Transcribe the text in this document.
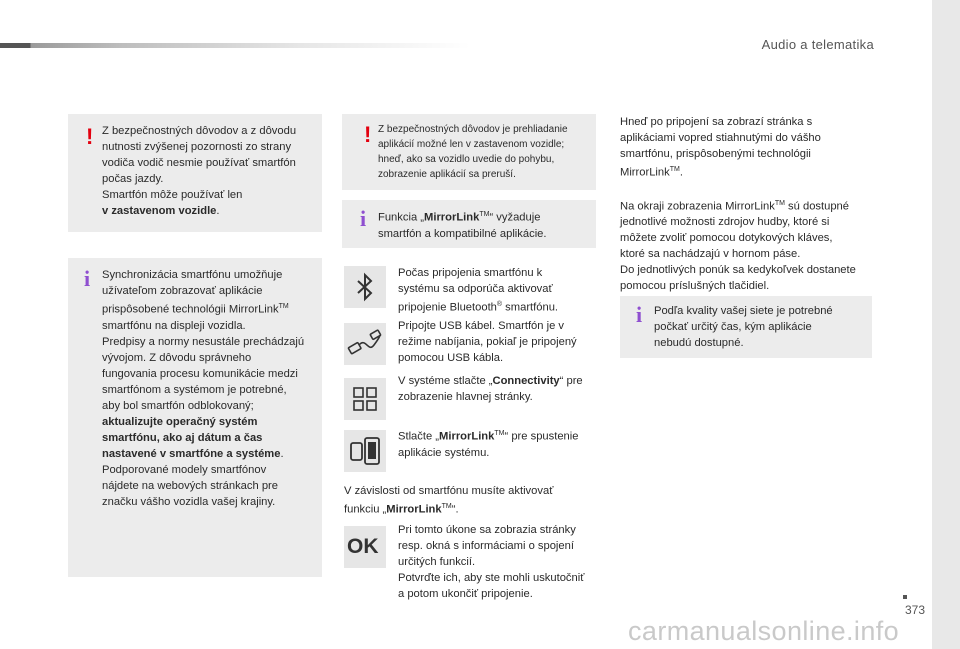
Audio a telematika
! Z bezpečnostných dôvodov a z dôvodu
nutnosti zvýšenej pozornosti zo strany
vodiča vodič nesmie používať smartfón
počas jazdy.
Smartfón môže používať len
v zastavenom vozidle.
i Synchronizácia smartfónu umožňuje
užívateľom zobrazovať aplikácie
prispôsobené technológii MirrorLink™
smartfónu na displeji vozidla.
Predpisy a normy nesustále prechádzajú
vývojom. Z dôvodu správneho
fungovania procesu komunikácie medzi
smartfónom a systémom je potrebné,
aby bol smartfón odblokovaný;
aktualizujte operačný systém
smartfónu, ako aj dátum a čas
nastavené v smartfóne a systéme.
Podporované modely smartfónov
nájdete na webových stránkach pre
značku vášho vozidla vašej krajiny.
! Z bezpečnostných dôvodov je prehliadanie
aplikácií možné len v zastavenom vozidle;
hneď, ako sa vozidlo uvedie do pohybu,
zobrazenie aplikácií sa preruší.
i Funkcia „MirrorLink™“ vyžaduje
smartfón a kompatibilné aplikácie.
Počas pripojenia smartfónu k
systému sa odporúča aktivovať
pripojenie Bluetooth® smartfónu.
Pripojte USB kábel. Smartfón je v
režime nabíjania, pokiaľ je pripojený
pomocou USB kábla.
V systéme stlačte „Connectivity“ pre
zobrazenie hlavnej stránky.
Stlačte „MirrorLink™“ pre spustenie
aplikácie systému.
V závislosti od smartfónu musíte aktivovať
funkciu „MirrorLink™“.
OK
Pri tomto úkone sa zobrazia stránky
resp. okná s informáciami o spojení
určitých funkcií.
Potvrďte ich, aby ste mohli uskutočniť
a potom ukončiť pripojenie.
Hneď po pripojení sa zobrazí stránka s
aplikáciami vopred stiahnutými do vášho
smartfónu, prispôsobenými technológii
MirrorLink™.
Na okraji zobrazenia MirrorLink™ sú dostupné
jednotlivé možnosti zdrojov hudby, ktoré si
môžete zvoliť pomocou dotykových kláves,
ktoré sa nachádzajú v hornom páse.
Do jednotlivých ponúk sa kedykoľvek dostanete
pomocou príslušných tlačidiel.
i Podľa kvality vašej siete je potrebné
počkať určitý čas, kým aplikácie
nebudú dostupné.
373
carmanualsonline.info
